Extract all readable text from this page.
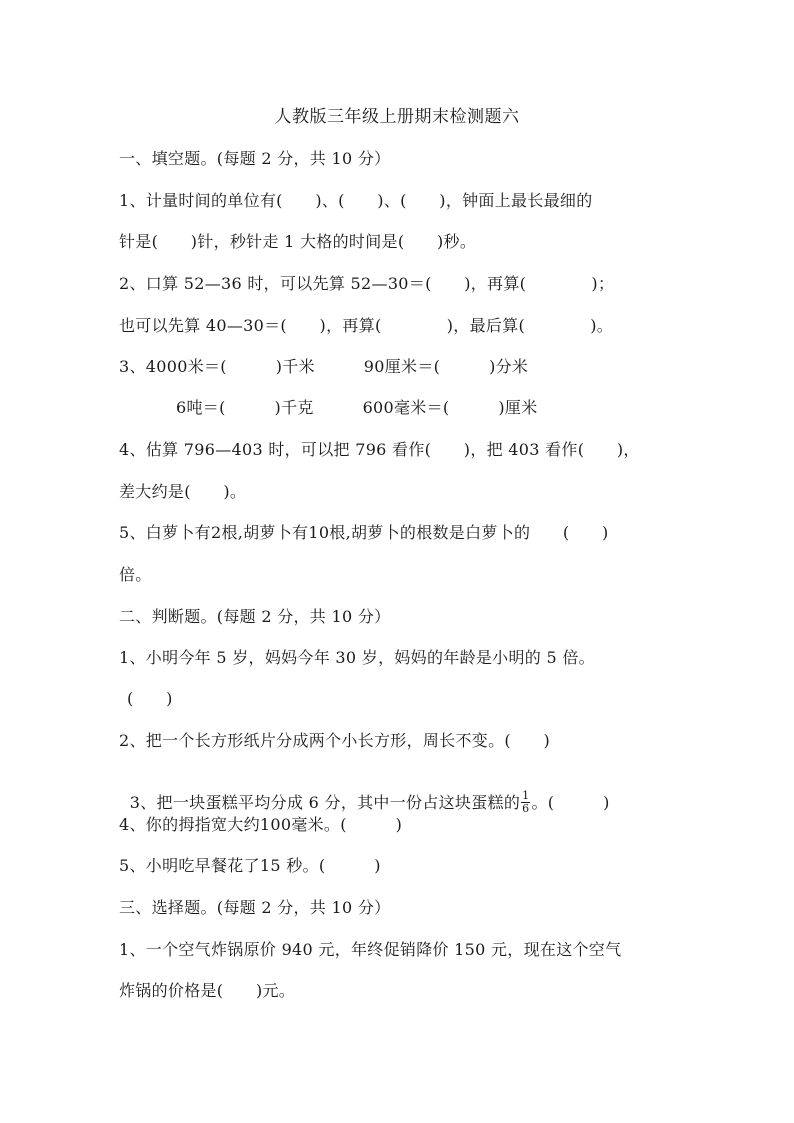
人教版三年级上册期末检测题六
一、填空题。(每题 2 分，共 10 分）
1、计量时间的单位有(　　)、(　　)、(　　)，钟面上最长最细的
针是(　　)针，秒针走 1 大格的时间是(　　)秒。
2、口算 52—36 时，可以先算 52—30＝(　　)，再算(　　　　)；
也可以先算 40—30＝(　　)，再算(　　　　)，最后算(　　　　)。
3、4000米＝(　　　)千米　　　90厘米＝(　　　)分米
6吨＝(　　　)千克　　　600毫米＝(　　　)厘米
4、估算 796—403 时，可以把 796 看作(　　)，把 403 看作(　　)，
差大约是(　　)。
5、白萝卜有2根,胡萝卜有10根,胡萝卜的根数是白萝卜的　　(　　)
倍。
二、判断题。(每题 2 分，共 10 分）
1、小明今年 5 岁，妈妈今年 30 岁，妈妈的年龄是小明的 5 倍。
(　　)
2、把一个长方形纸片分成两个小长方形，周长不变。(　　)

3、把一块蛋糕平均分成 6 分，其中一份占这块蛋糕的 $\frac{1}{6}$ 。(　　　)

4、你的拇指宽大约100毫米。(　　　)
5、小明吃早餐花了15 秒。(　　　)
三、选择题。(每题 2 分，共 10 分）
1、一个空气炸锅原价 940 元，年终促销降价 150 元，现在这个空气
炸锅的价格是(　　)元。
